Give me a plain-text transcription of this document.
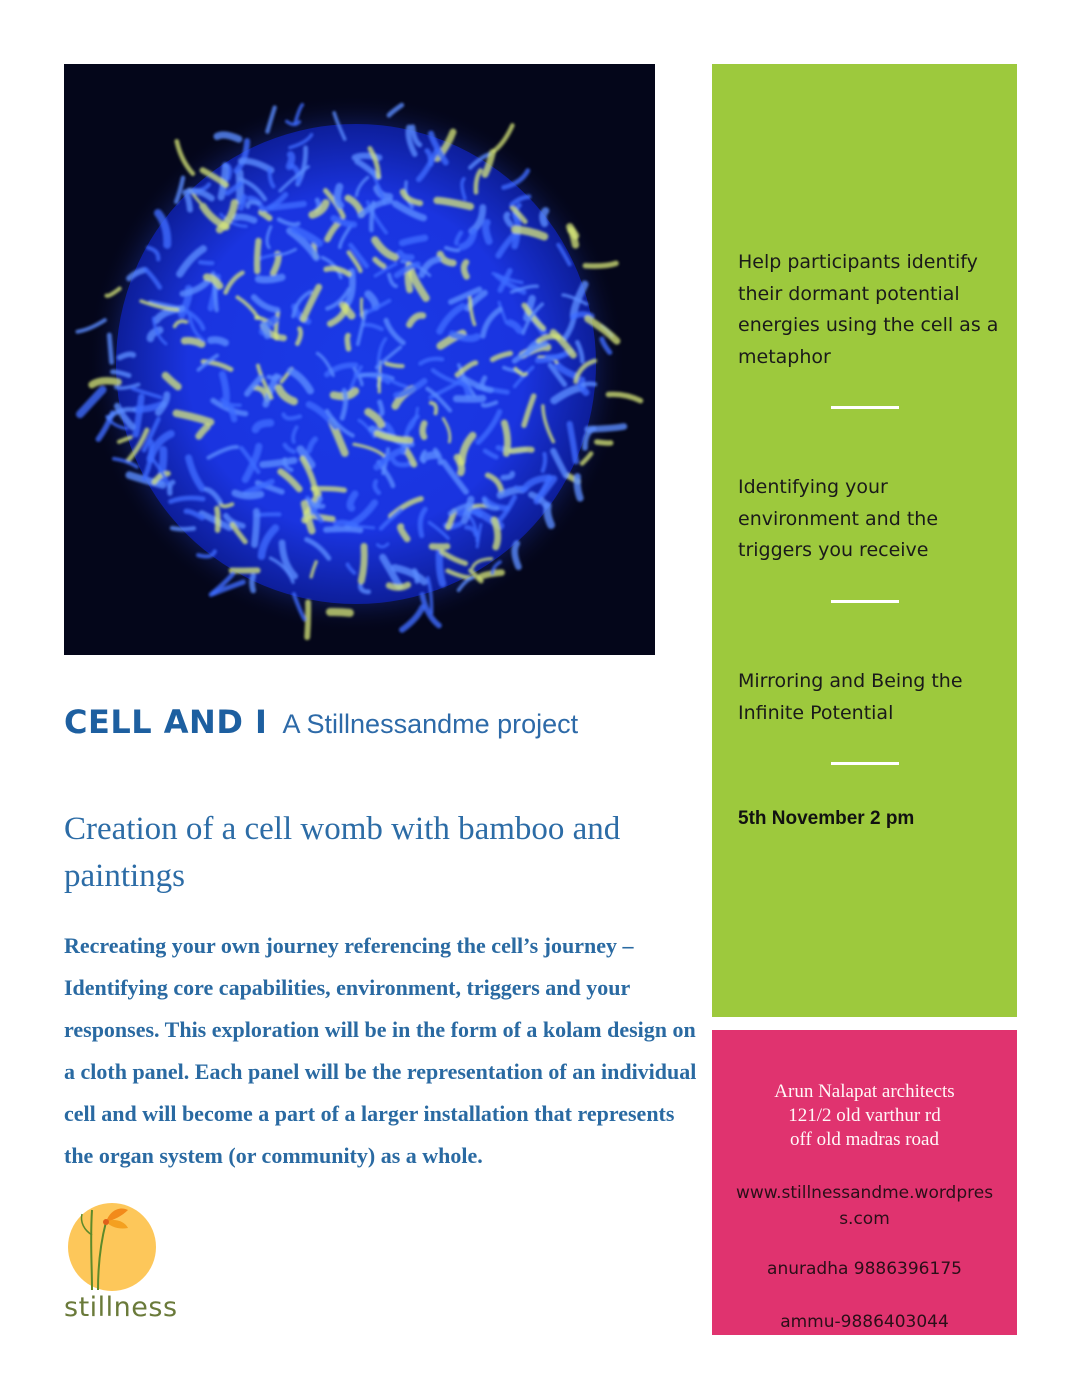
CELL AND I A Stillnessandme project
Creation of a cell womb with bamboo and paintings
Recreating your own journey referencing the cell’s journey – Identifying core capabilities, environment, triggers and your responses. This exploration will be in the form of a kolam design on a cloth panel. Each panel will be the representation of an individual cell and will become a part of a larger installation that represents the organ system (or community) as a whole.
Help participants identify their dormant potential energies using the cell as a metaphor
Identifying your environment and the triggers you receive
Mirroring and Being the Infinite Potential
5th November 2 pm
Arun Nalapat architects
121/2 old varthur rd
off old madras road
www.stillnessandme.wordpress.com
anuradha 9886396175
ammu-9886403044
stillness
